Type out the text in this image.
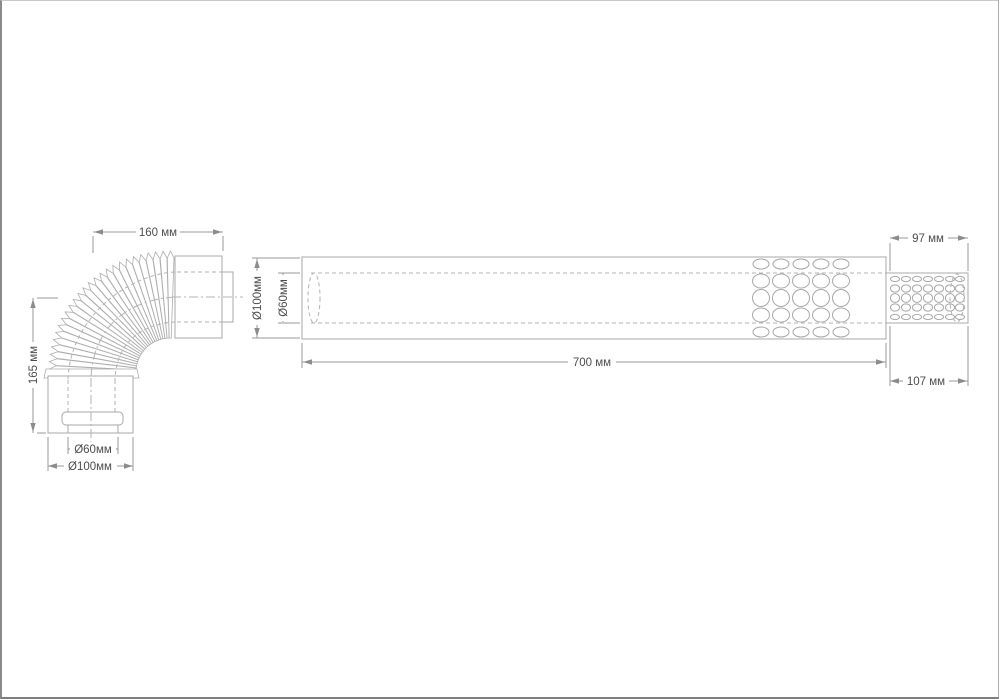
160 мм
165 мм
Ø60мм
Ø100мм
Ø100мм Ø60мм
700 мм
97 мм
107 мм
